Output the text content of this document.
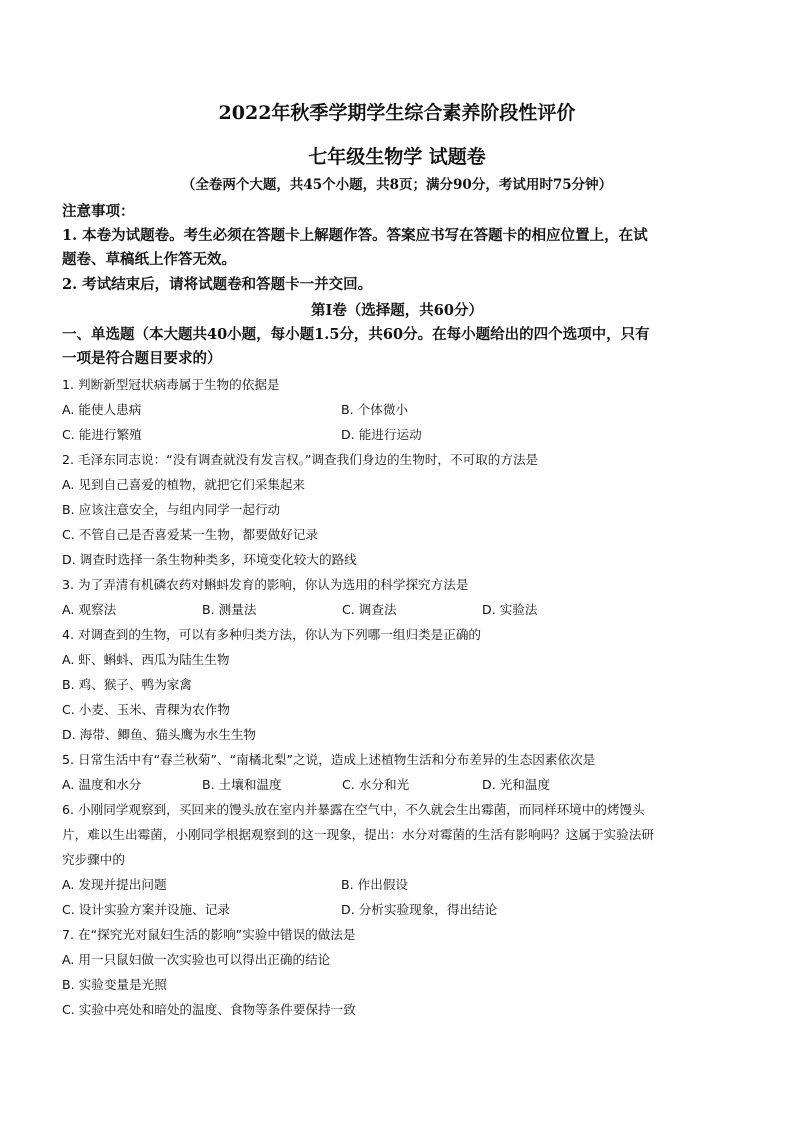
2022年秋季学期学生综合素养阶段性评价
七年级生物学 试题卷
（全卷两个大题，共45个小题，共8页；满分90分，考试用时75分钟）
注意事项：
1. 本卷为试题卷。考生必须在答题卡上解题作答。答案应书写在答题卡的相应位置上，在试
题卷、草稿纸上作答无效。
2. 考试结束后，请将试题卷和答题卡一并交回。
第Ⅰ卷（选择题，共60分）
一、单选题（本大题共40小题，每小题1.5分，共60分。在每小题给出的四个选项中，只有
一项是符合题目要求的）
1. 判断新型冠状病毒属于生物的依据是
A. 能使人患病	B. 个体微小
C. 能进行繁殖	D. 能进行运动
2. 毛泽东同志说：“没有调查就没有发言权。”调查我们身边的生物时，不可取的方法是
A. 见到自己喜爱的植物，就把它们采集起来
B. 应该注意安全，与组内同学一起行动
C. 不管自己是否喜爱某一生物，都要做好记录
D. 调查时选择一条生物种类多，环境变化较大的路线
3. 为了弄清有机磷农药对蝌蚪发育的影响，你认为选用的科学探究方法是
A. 观察法	B. 测量法	C. 调查法	D. 实验法
4. 对调查到的生物，可以有多种归类方法，你认为下列哪一组归类是正确的
A. 虾、蝌蚪、西瓜为陆生生物
B. 鸡、猴子、鸭为家禽
C. 小麦、玉米、青稞为农作物
D. 海带、鲫鱼、猫头鹰为水生生物
5. 日常生活中有“春兰秋菊”、“南橘北梨”之说，造成上述植物生活和分布差异的生态因素依次是
A. 温度和水分	B. 土壤和温度	C. 水分和光	D. 光和温度
6. 小刚同学观察到，买回来的馒头放在室内并暴露在空气中，不久就会生出霉菌，而同样环境中的烤馒头
片，难以生出霉菌，小刚同学根据观察到的这一现象，提出：水分对霉菌的生活有影响吗？这属于实验法研
究步骤中的
A. 发现并提出问题	B. 作出假设
C. 设计实验方案并设施、记录	D. 分析实验现象，得出结论
7. 在“探究光对鼠妇生活的影响”实验中错误的做法是
A. 用一只鼠妇做一次实验也可以得出正确的结论
B. 实验变量是光照
C. 实验中亮处和暗处的温度、食物等条件要保持一致
